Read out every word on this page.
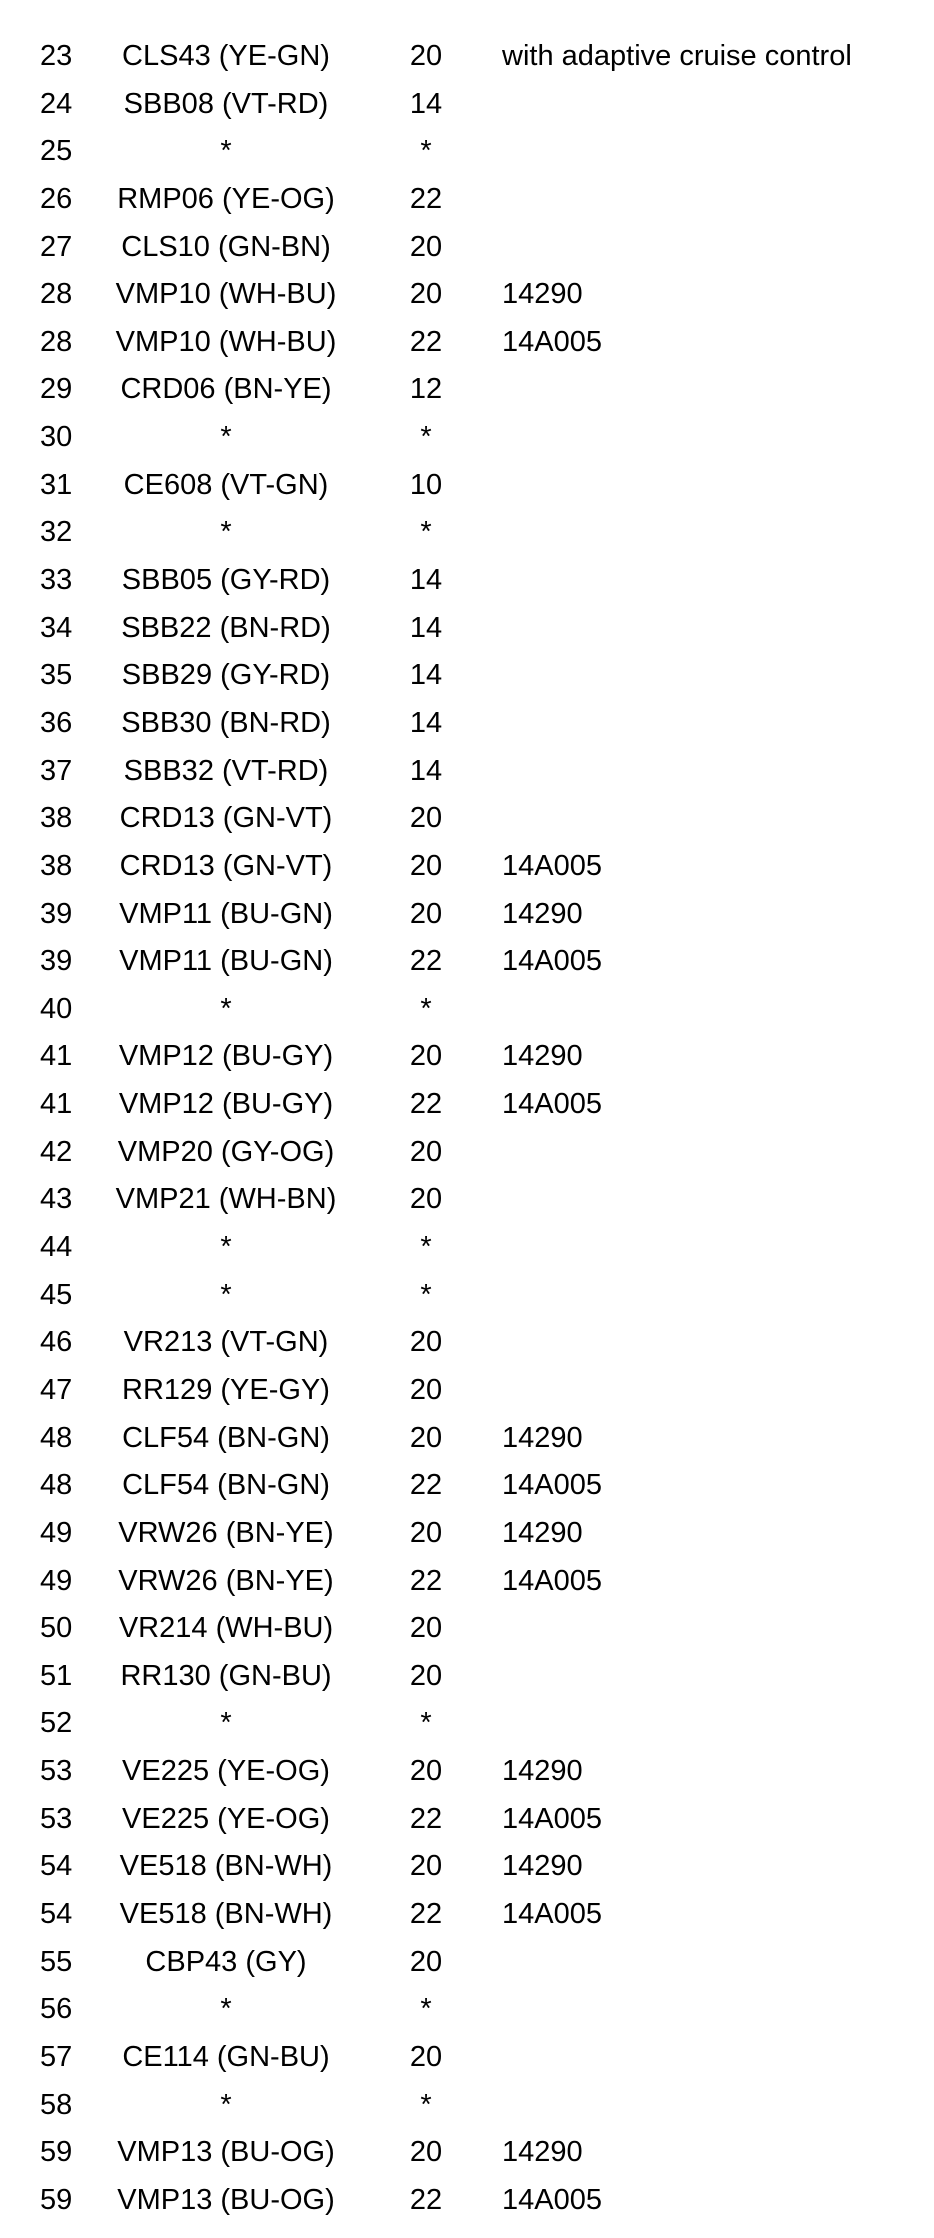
23	CLS43 (YE-GN)	20	with adaptive cruise control
24	SBB08 (VT-RD)	14
25	*	*
26	RMP06 (YE-OG)	22
27	CLS10 (GN-BN)	20
28	VMP10 (WH-BU)	20	14290
28	VMP10 (WH-BU)	22	14A005
29	CRD06 (BN-YE)	12
30	*	*
31	CE608 (VT-GN)	10
32	*	*
33	SBB05 (GY-RD)	14
34	SBB22 (BN-RD)	14
35	SBB29 (GY-RD)	14
36	SBB30 (BN-RD)	14
37	SBB32 (VT-RD)	14
38	CRD13 (GN-VT)	20
38	CRD13 (GN-VT)	20	14A005
39	VMP11 (BU-GN)	20	14290
39	VMP11 (BU-GN)	22	14A005
40	*	*
41	VMP12 (BU-GY)	20	14290
41	VMP12 (BU-GY)	22	14A005
42	VMP20 (GY-OG)	20
43	VMP21 (WH-BN)	20
44	*	*
45	*	*
46	VR213 (VT-GN)	20
47	RR129 (YE-GY)	20
48	CLF54 (BN-GN)	20	14290
48	CLF54 (BN-GN)	22	14A005
49	VRW26 (BN-YE)	20	14290
49	VRW26 (BN-YE)	22	14A005
50	VR214 (WH-BU)	20
51	RR130 (GN-BU)	20
52	*	*
53	VE225 (YE-OG)	20	14290
53	VE225 (YE-OG)	22	14A005
54	VE518 (BN-WH)	20	14290
54	VE518 (BN-WH)	22	14A005
55	CBP43 (GY)	20
56	*	*
57	CE114 (GN-BU)	20
58	*	*
59	VMP13 (BU-OG)	20	14290
59	VMP13 (BU-OG)	22	14A005
